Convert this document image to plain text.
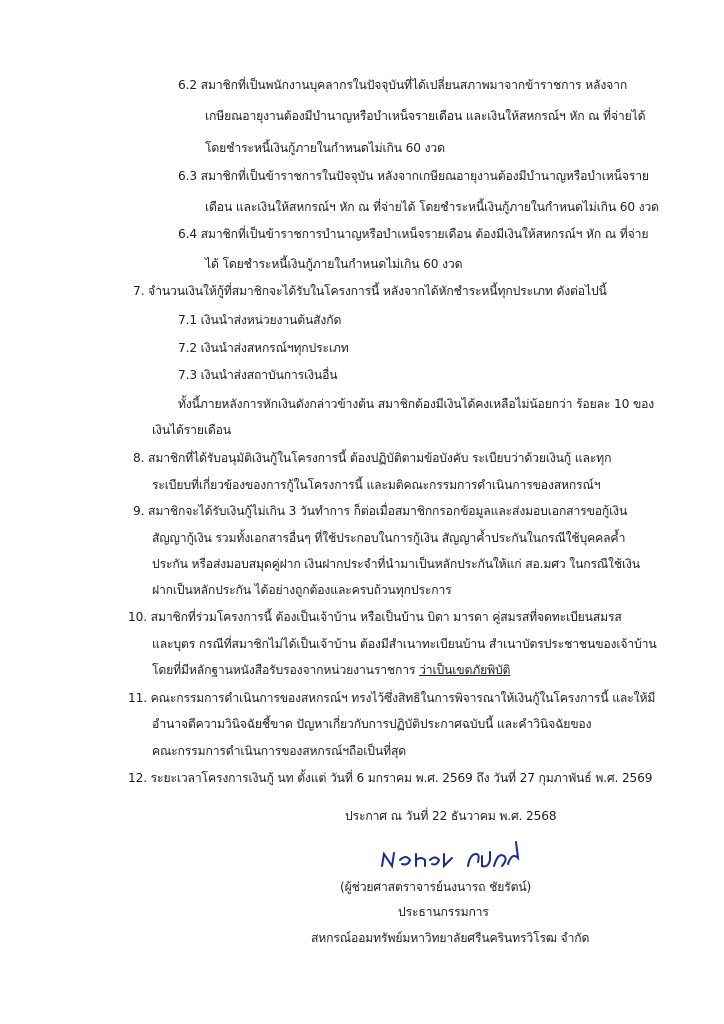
6.2 สมาชิกที่เป็นพนักงานบุคลากรในปัจจุบันที่ได้เปลี่ยนสภาพมาจากข้าราชการ หลังจาก
เกษียณอายุงานต้องมีบำนาญหรือบำเหน็จรายเดือน และเงินให้สหกรณ์ฯ หัก ณ ที่จ่ายได้
โดยชำระหนี้เงินกู้ภายในกำหนดไม่เกิน 60 งวด
6.3 สมาชิกที่เป็นข้าราชการในปัจจุบัน หลังจากเกษียณอายุงานต้องมีบำนาญหรือบำเหน็จราย
เดือน และเงินให้สหกรณ์ฯ หัก ณ ที่จ่ายได้ โดยชำระหนี้เงินกู้ภายในกำหนดไม่เกิน 60 งวด
6.4 สมาชิกที่เป็นข้าราชการบำนาญหรือบำเหน็จรายเดือน ต้องมีเงินให้สหกรณ์ฯ หัก ณ ที่จ่าย
ได้ โดยชำระหนี้เงินกู้ภายในกำหนดไม่เกิน 60 งวด
7. จำนวนเงินให้กู้ที่สมาชิกจะได้รับในโครงการนี้ หลังจากได้หักชำระหนี้ทุกประเภท ดังต่อไปนี้
7.1 เงินนำส่งหน่วยงานต้นสังกัด
7.2 เงินนำส่งสหกรณ์ฯทุกประเภท
7.3 เงินนำส่งสถาบันการเงินอื่น
ทั้งนี้ภายหลังการหักเงินดังกล่าวข้างต้น สมาชิกต้องมีเงินได้คงเหลือไม่น้อยกว่า ร้อยละ 10 ของ
เงินได้รายเดือน
8. สมาชิกที่ได้รับอนุมัติเงินกู้ในโครงการนี้ ต้องปฏิบัติตามข้อบังคับ ระเบียบว่าด้วยเงินกู้ และทุก
ระเบียบที่เกี่ยวข้องของการกู้ในโครงการนี้ และมติคณะกรรมการดำเนินการของสหกรณ์ฯ
9. สมาชิกจะได้รับเงินกู้ไม่เกิน 3 วันทำการ ก็ต่อเมื่อสมาชิกกรอกข้อมูลและส่งมอบเอกสารขอกู้เงิน
สัญญากู้เงิน รวมทั้งเอกสารอื่นๆ ที่ใช้ประกอบในการกู้เงิน สัญญาค้ำประกันในกรณีใช้บุคคลค้ำ
ประกัน หรือส่งมอบสมุดคู่ฝาก เงินฝากประจำที่นำมาเป็นหลักประกันให้แก่ สอ.มศว ในกรณีใช้เงิน
ฝากเป็นหลักประกัน ได้อย่างถูกต้องและครบถ้วนทุกประการ
10. สมาชิกที่ร่วมโครงการนี้ ต้องเป็นเจ้าบ้าน หรือเป็นบ้าน บิดา มารดา คู่สมรสที่จดทะเบียนสมรส
และบุตร กรณีที่สมาชิกไม่ได้เป็นเจ้าบ้าน ต้องมีสำเนาทะเบียนบ้าน สำเนาบัตรประชาชนของเจ้าบ้าน
โดยที่มีหลักฐานหนังสือรับรองจากหน่วยงานราชการ ว่าเป็นเขตภัยพิบัติ
11. คณะกรรมการดำเนินการของสหกรณ์ฯ ทรงไว้ซึ่งสิทธิในการพิจารณาให้เงินกู้ในโครงการนี้ และให้มี
อำนาจตีความวินิจฉัยชี้ขาด ปัญหาเกี่ยวกับการปฏิบัติประกาศฉบับนี้ และคำวินิจฉัยของ
คณะกรรมการดำเนินการของสหกรณ์ฯถือเป็นที่สุด
12. ระยะเวลาโครงการเงินกู้ นท ตั้งแต่ วันที่ 6 มกราคม พ.ศ. 2569 ถึง วันที่ 27 กุมภาพันธ์ พ.ศ. 2569
ประกาศ ณ วันที่ 22 ธันวาคม พ.ศ. 2568
(ผู้ช่วยศาสตราจารย์นงนารถ ชัยรัตน์)
ประธานกรรมการ
สหกรณ์ออมทรัพย์มหาวิทยาลัยศรีนครินทรวิโรฒ จำกัด
